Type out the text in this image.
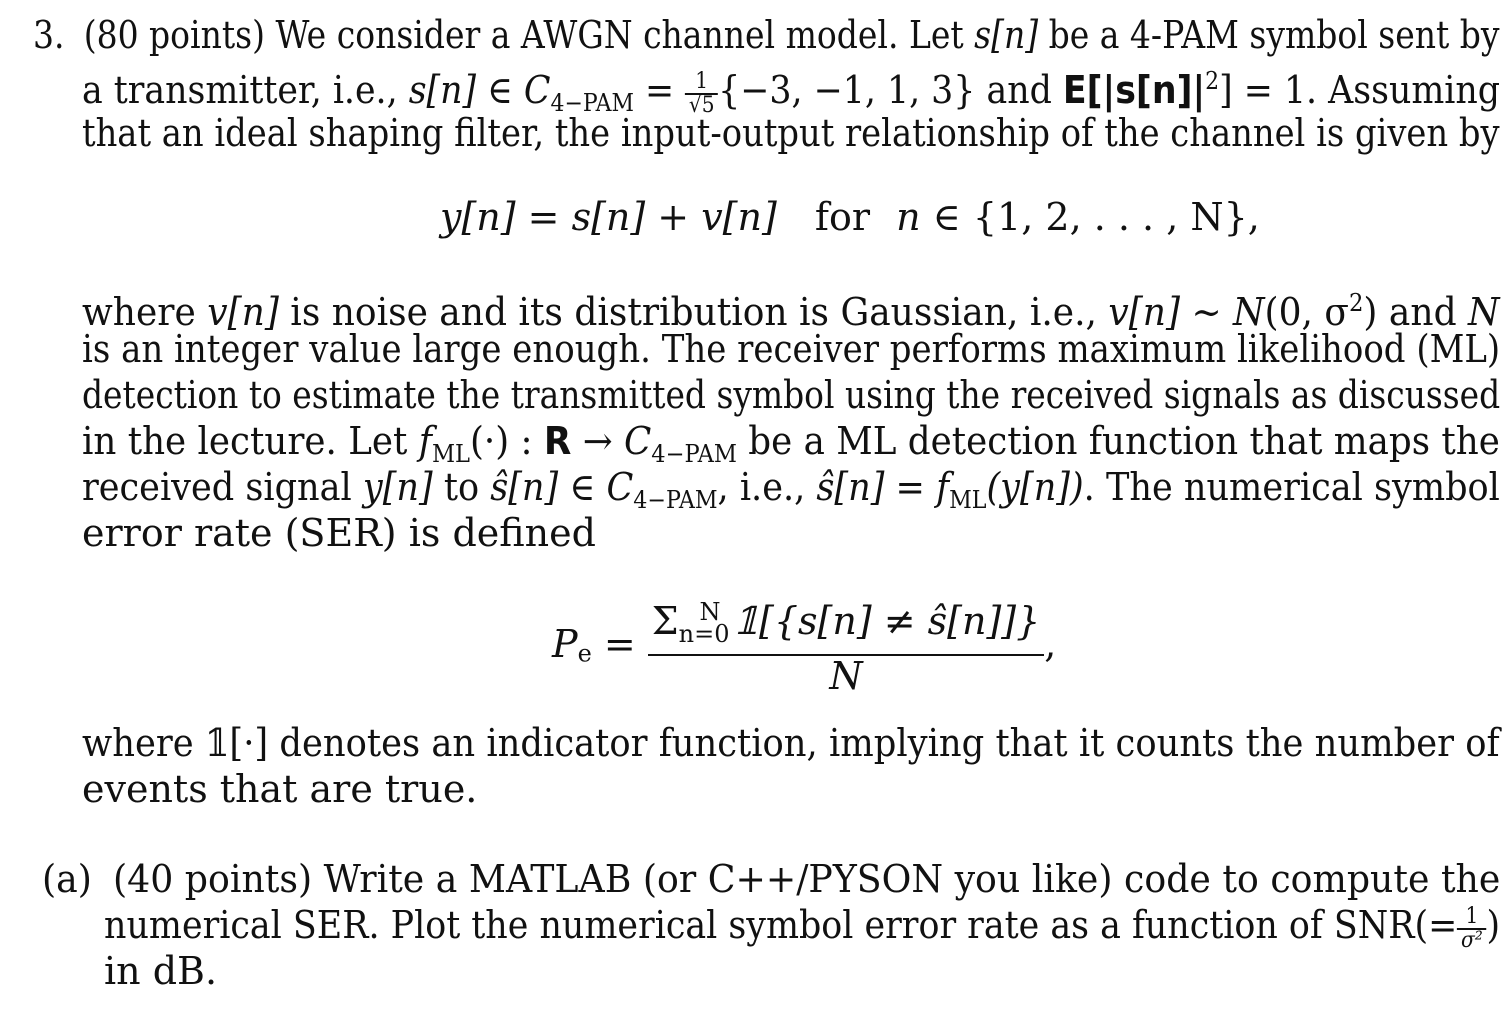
3. (80 points) We consider a AWGN channel model. Let s[n] be a 4-PAM symbol sent by
a transmitter, i.e., s[n] ∈ $C_{4-PAM} = \frac{1}{√5} \{-3$, −1, 1, 3} and $E[|s[n]|^2] = 1$. Assuming
that an ideal shaping filter, the input-output relationship of the channel is given by
y[n] = s[n] + v[n] for n ∈ {1, 2, . . . , N},
where v[n] is noise and its distribution is Gaussian, i.e., v[n] ∼ N(0, $\sigma^2$) and N
is an integer value large enough. The receiver performs maximum likelihood (ML)
detection to estimate the transmitted symbol using the received signals as discussed
in the lecture. Let $f_{ML}(\cdot)$ : $R \to C_{4-PAM}$ be a ML detection function that maps the
received signal y[n] to ŝ[n] ∈ $C_{4-PAM}$, i.e., ŝ[n] = $f_{ML}(y[n])$. The numerical symbol
error rate (SER) is defined
$P_e = \frac{\Sigma_{n=0}^N 𝟙[\{s[n] \ne ŝ[n]]\}}{N}$ ,
where 𝟙[·] denotes an indicator function, implying that it counts the number of
events that are true.
(a) (40 points) Write a MATLAB (or C++/PYSON you like) code to compute the
numerical SER. Plot the numerical symbol error rate as a function of $SNR(= \frac{1}{\text{σ²}}$ )
in dB.
